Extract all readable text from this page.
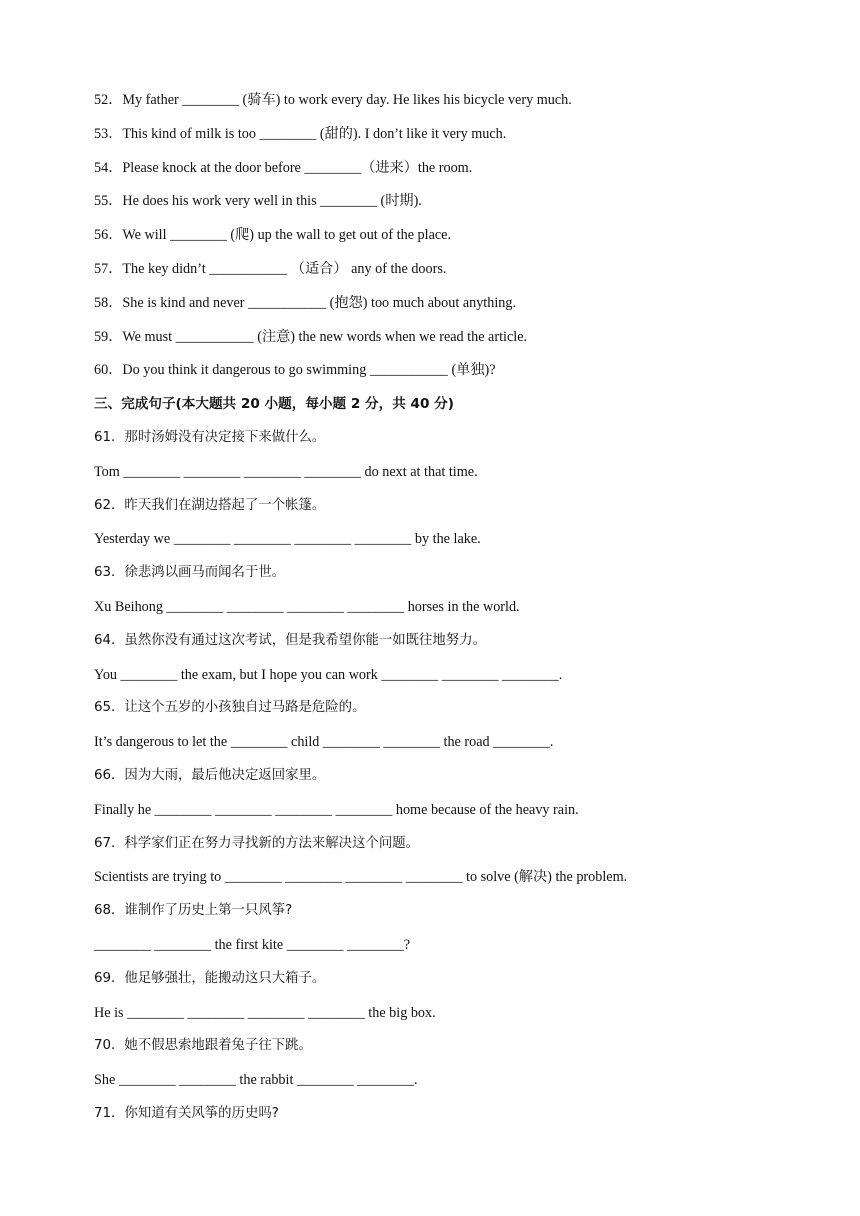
52．My father ________ (骑车) to work every day. He likes his bicycle very much.
53．This kind of milk is too ________ (甜的). I don’t like it very much.
54．Please knock at the door before ________（进来）the room.
55．He does his work very well in this ________ (时期).
56．We will ________ (爬) up the wall to get out of the place.
57．The key didn’t ___________ （适合） any of the doors.
58．She is kind and never ___________ (抱怨) too much about anything.
59．We must ___________ (注意) the new words when we read the article.
60．Do you think it dangerous to go swimming ___________ (单独)?
三、完成句子(本大题共 20 小题，每小题 2 分，共 40 分)
61．那时汤姆没有决定接下来做什么。
Tom ________ ________ ________ ________ do next at that time.
62．昨天我们在湖边搭起了一个帐篷。
Yesterday we ________ ________ ________ ________ by the lake.
63．徐悲鸿以画马而闻名于世。
Xu Beihong ________ ________ ________ ________ horses in the world.
64．虽然你没有通过这次考试，但是我希望你能一如既往地努力。
You ________ the exam, but I hope you can work ________ ________ ________.
65．让这个五岁的小孩独自过马路是危险的。
It’s dangerous to let the ________ child ________ ________ the road ________.
66．因为大雨，最后他决定返回家里。
Finally he ________ ________ ________ ________ home because of the heavy rain.
67．科学家们正在努力寻找新的方法来解决这个问题。
Scientists are trying to ________ ________ ________ ________ to solve (解决) the problem.
68．谁制作了历史上第一只风筝?
________ ________ the first kite ________ ________?
69．他足够强壮，能搬动这只大箱子。
He is ________ ________ ________ ________ the big box.
70．她不假思索地跟着兔子往下跳。
She ________ ________ the rabbit ________ ________.
71．你知道有关风筝的历史吗?
